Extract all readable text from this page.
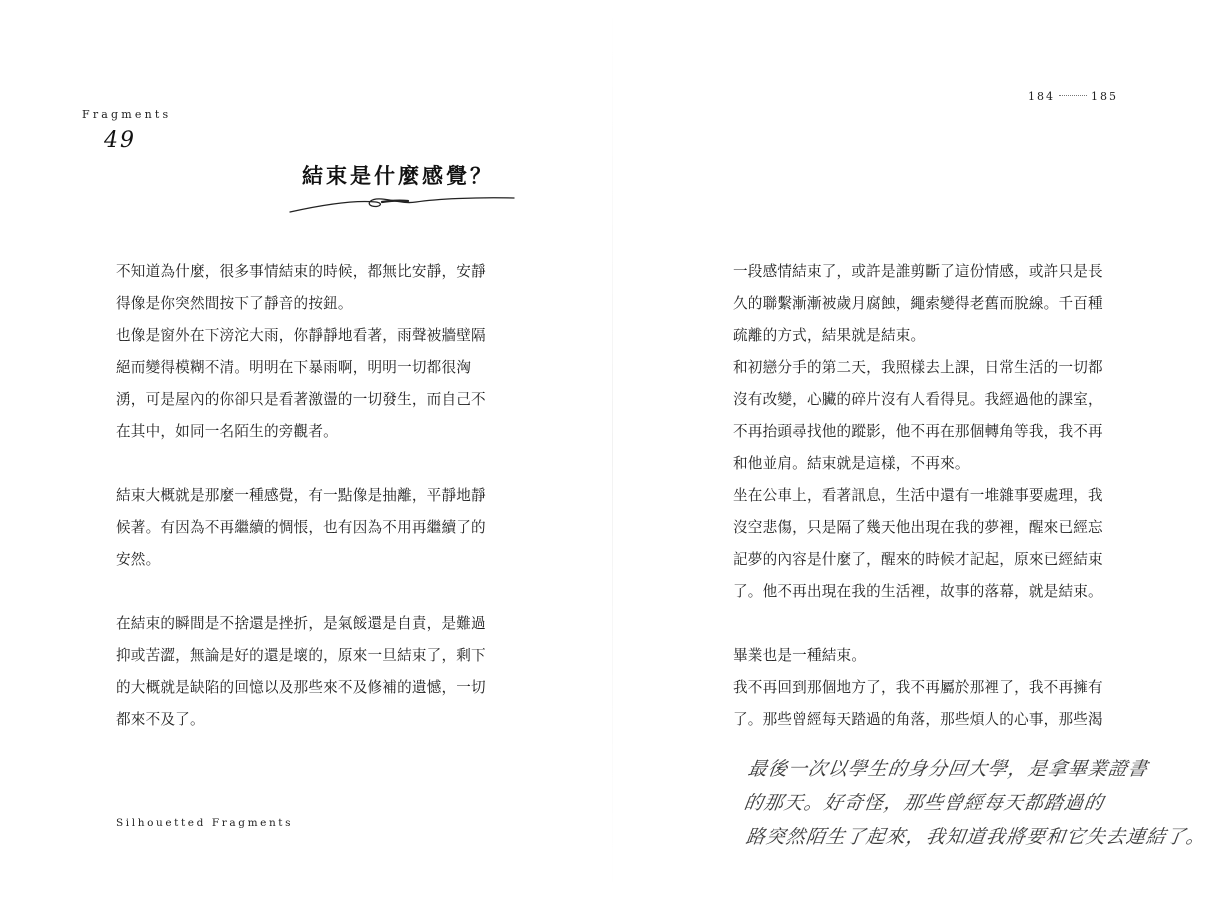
Fragments
49
結束是什麼感覺？
不知道為什麼，很多事情結束的時候，都無比安靜，安靜
得像是你突然間按下了靜音的按鈕。
也像是窗外在下滂沱大雨，你靜靜地看著，雨聲被牆壁隔
絕而變得模糊不清。明明在下暴雨啊，明明一切都很洶
湧，可是屋內的你卻只是看著激盪的一切發生，而自己不
在其中，如同一名陌生的旁觀者。
結束大概就是那麼一種感覺，有一點像是抽離，平靜地靜
候著。有因為不再繼續的惆悵，也有因為不用再繼續了的
安然。
在結束的瞬間是不捨還是挫折，是氣餒還是自責，是難過
抑或苦澀，無論是好的還是壞的，原來一旦結束了，剩下
的大概就是缺陷的回憶以及那些來不及修補的遺憾，一切
都來不及了。
Silhouetted Fragments
184	185
一段感情結束了，或許是誰剪斷了這份情感，或許只是長
久的聯繫漸漸被歲月腐蝕，繩索變得老舊而脫線。千百種
疏離的方式，結果就是結束。
和初戀分手的第二天，我照樣去上課，日常生活的一切都
沒有改變，心臟的碎片沒有人看得見。我經過他的課室，
不再抬頭尋找他的蹤影，他不再在那個轉角等我，我不再
和他並肩。結束就是這樣，不再來。
坐在公車上，看著訊息，生活中還有一堆雜事要處理，我
沒空悲傷，只是隔了幾天他出現在我的夢裡，醒來已經忘
記夢的內容是什麼了，醒來的時候才記起，原來已經結束
了。他不再出現在我的生活裡，故事的落幕，就是結束。
畢業也是一種結束。
我不再回到那個地方了，我不再屬於那裡了，我不再擁有
了。那些曾經每天踏過的角落，那些煩人的心事，那些渴
最後一次以學生的身分回大學，是拿畢業證書
的那天。好奇怪，那些曾經每天都踏過的
路突然陌生了起來，我知道我將要和它失去連結了。
